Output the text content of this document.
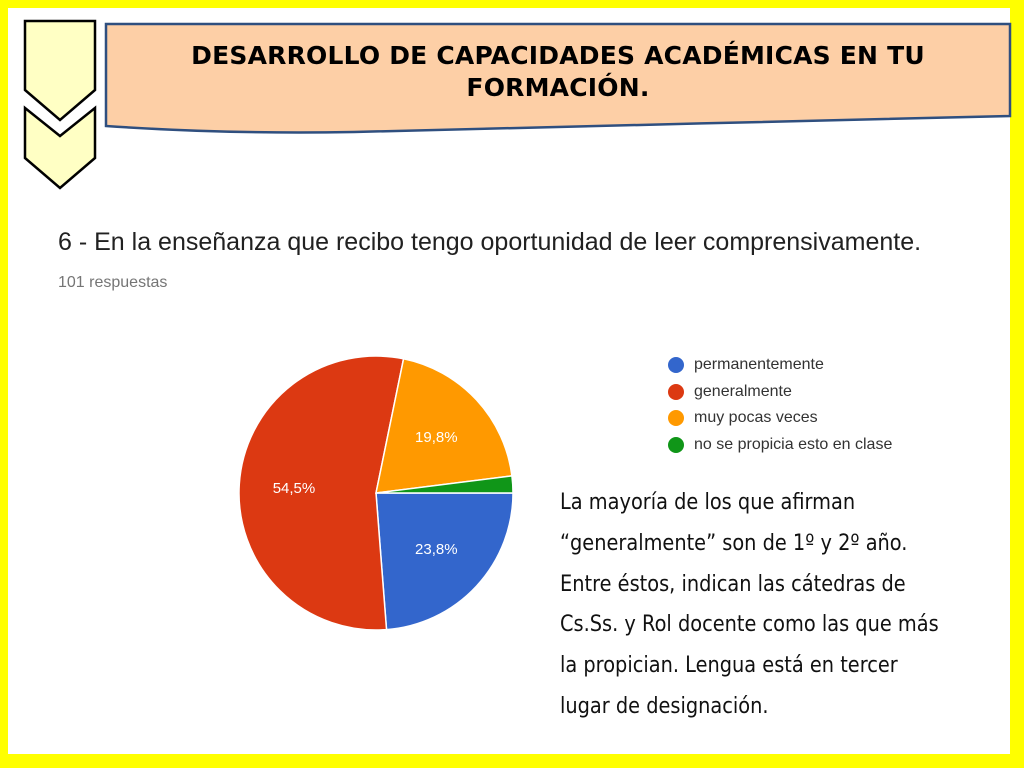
DESARROLLO DE CAPACIDADES ACADÉMICAS EN TU
FORMACIÓN.
6 - En la enseñanza que recibo tengo oportunidad de leer comprensivamente.
101 respuestas
23,8%
54,5%
19,8%
permanentemente
generalmente
muy pocas veces
no se propicia esto en clase
La mayoría de los que afirman
“generalmente” son de 1º y 2º año.
Entre éstos, indican las cátedras de
Cs.Ss. y Rol docente como las que más
la propician. Lengua está en tercer
lugar de designación.
